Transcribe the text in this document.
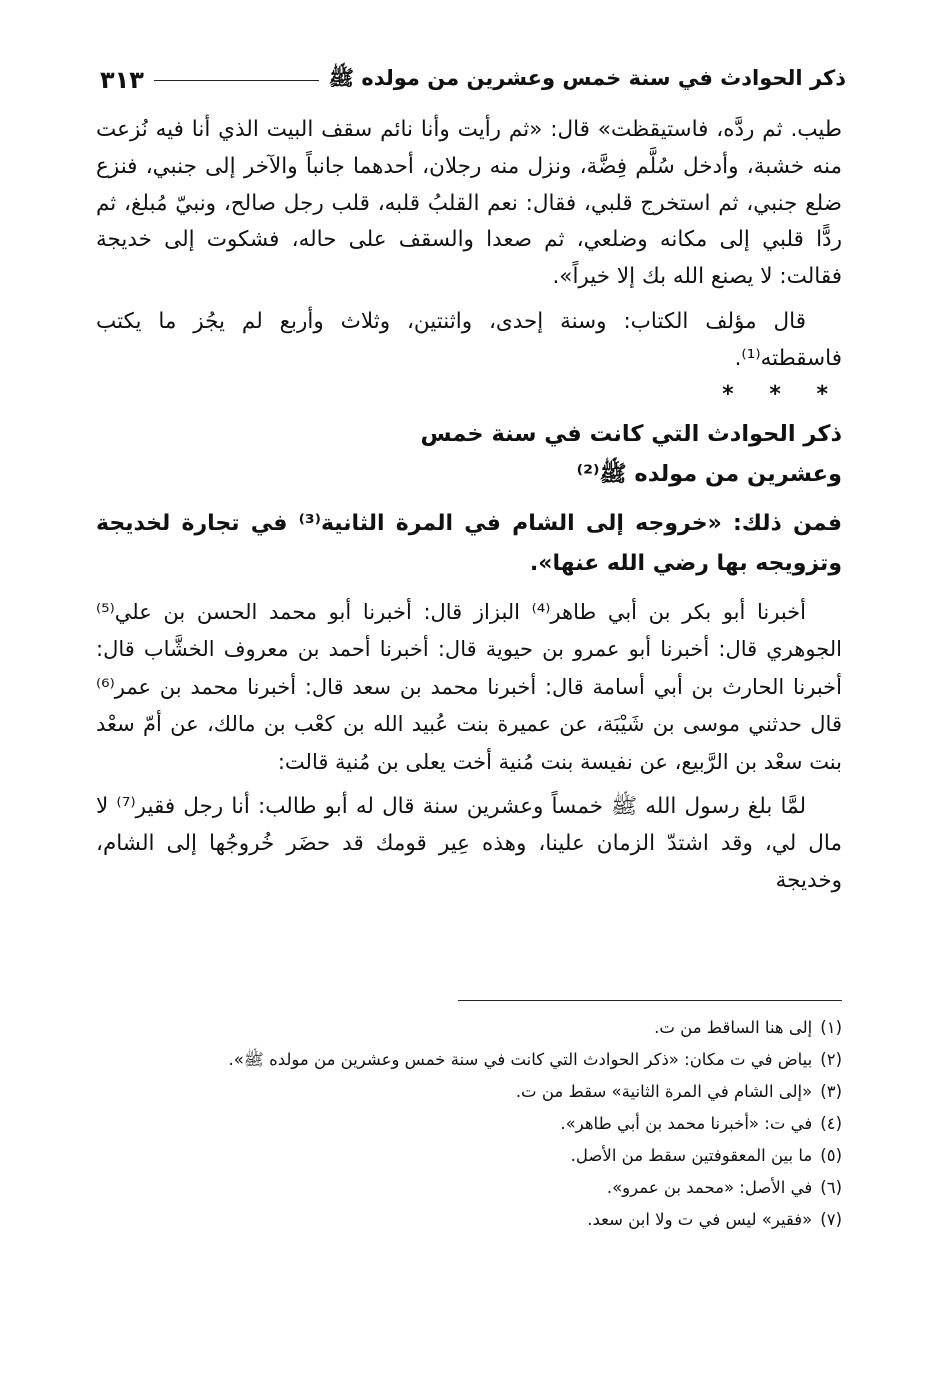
ذكر الحوادث في سنة خمس وعشرين من مولده ﷺ
٣١٣

طيب. ثم ردَّه، فاستيقظت» قال: «ثم رأيت وأنا نائم سقف البيت الذي أنا فيه نُزعت منه خشبة، وأدخل سُلَّم فِضَّة، ونزل منه رجلان، أحدهما جانباً والآخر إلى جنبي، فنزع ضلع جنبي، ثم استخرج قلبي، فقال: نعم القلبُ قلبه، قلب رجل صالح، ونبيّ مُبلغ، ثم ردًّا قلبي إلى مكانه وضلعي، ثم صعدا والسقف على حاله، فشكوت إلى خديجة فقالت: لا يصنع الله بك إلا خيراً».

قال مؤلف الكتاب: وسنة إحدى، واثنتين، وثلاث وأربع لم يجُز ما يكتب فاسقطته⁽¹⁾.

* * *
ذكر الحوادث التي كانت في سنة خمس
وعشرين من مولده ﷺ⁽²⁾

فمن ذلك: «خروجه إلى الشام في المرة الثانية⁽³⁾ في تجارة لخديجة وتزويجه بها رضي الله عنها».

أخبرنا أبو بكر بن أبي طاهر⁽⁴⁾ البزاز قال: أخبرنا أبو محمد الحسن بن علي⁽⁵⁾ الجوهري قال: أخبرنا أبو عمرو بن حيوية قال: أخبرنا أحمد بن معروف الخشَّاب قال: أخبرنا الحارث بن أبي أسامة قال: أخبرنا محمد بن سعد قال: أخبرنا محمد بن عمر⁽⁶⁾ قال حدثني موسى بن شَيْبَة، عن عميرة بنت عُبيد الله بن كعْب بن مالك، عن أمّ سعْد بنت سعْد بن الرَّبيع، عن نفيسة بنت مُنية أخت يعلى بن مُنية قالت:

لمَّا بلغ رسول الله ﷺ خمساً وعشرين سنة قال له أبو طالب: أنا رجل فقير⁽⁷⁾ لا مال لي، وقد اشتدّ الزمان علينا، وهذه عِير قومك قد حضَر خُروجُها إلى الشام، وخديجة

(١)إلى هنا الساقط من ت.
(٢)بياض في ت مكان: «ذكر الحوادث التي كانت في سنة خمس وعشرين من مولده ﷺ».
(٣)«إلى الشام في المرة الثانية» سقط من ت.
(٤)في ت: «أخبرنا محمد بن أبي طاهر».
(٥)ما بين المعقوفتين سقط من الأصل.
(٦)في الأصل: «محمد بن عمرو».
(٧)«فقير» ليس في ت ولا ابن سعد.
